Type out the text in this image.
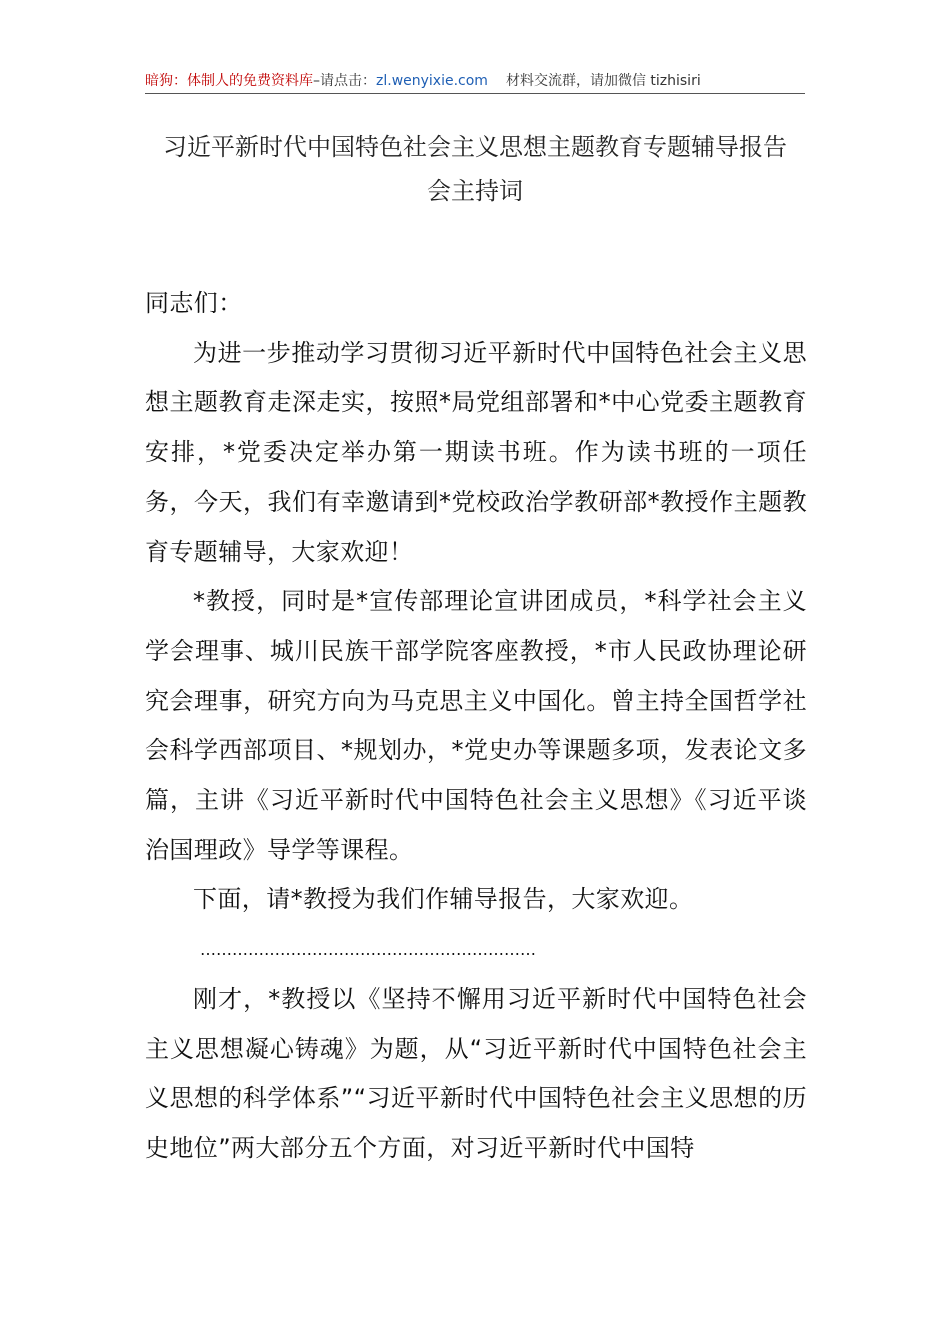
暗狗：体制人的免费资料库–请点击：zl.wenyixie.com 材料交流群，请加微信 tizhisiri
习近平新时代中国特色社会主义思想主题教育专题辅导报告
会主持词

同志们：

为进一步推动学习贯彻习近平新时代中国特色社会主义思想主题教育走深走实，按照*局党组部署和*中心党委主题教育安排，*党委决定举办第一期读书班。作为读书班的一项任务，今天，我们有幸邀请到*党校政治学教研部*教授作主题教育专题辅导，大家欢迎！

*教授，同时是*宣传部理论宣讲团成员，*科学社会主义学会理事、城川民族干部学院客座教授，*市人民政协理论研究会理事，研究方向为马克思主义中国化。曾主持全国哲学社会科学西部项目、*规划办，*党史办等课题多项，发表论文多篇，主讲《习近平新时代中国特色社会主义思想》《习近平谈治国理政》导学等课程。

下面，请*教授为我们作辅导报告，大家欢迎。

………………………………………………………

刚才，*教授以《坚持不懈用习近平新时代中国特色社会主义思想凝心铸魂》为题，从“习近平新时代中国特色社会主义思想的科学体系”“习近平新时代中国特色社会主义思想的历史地位”两大部分五个方面，对习近平新时代中国特
